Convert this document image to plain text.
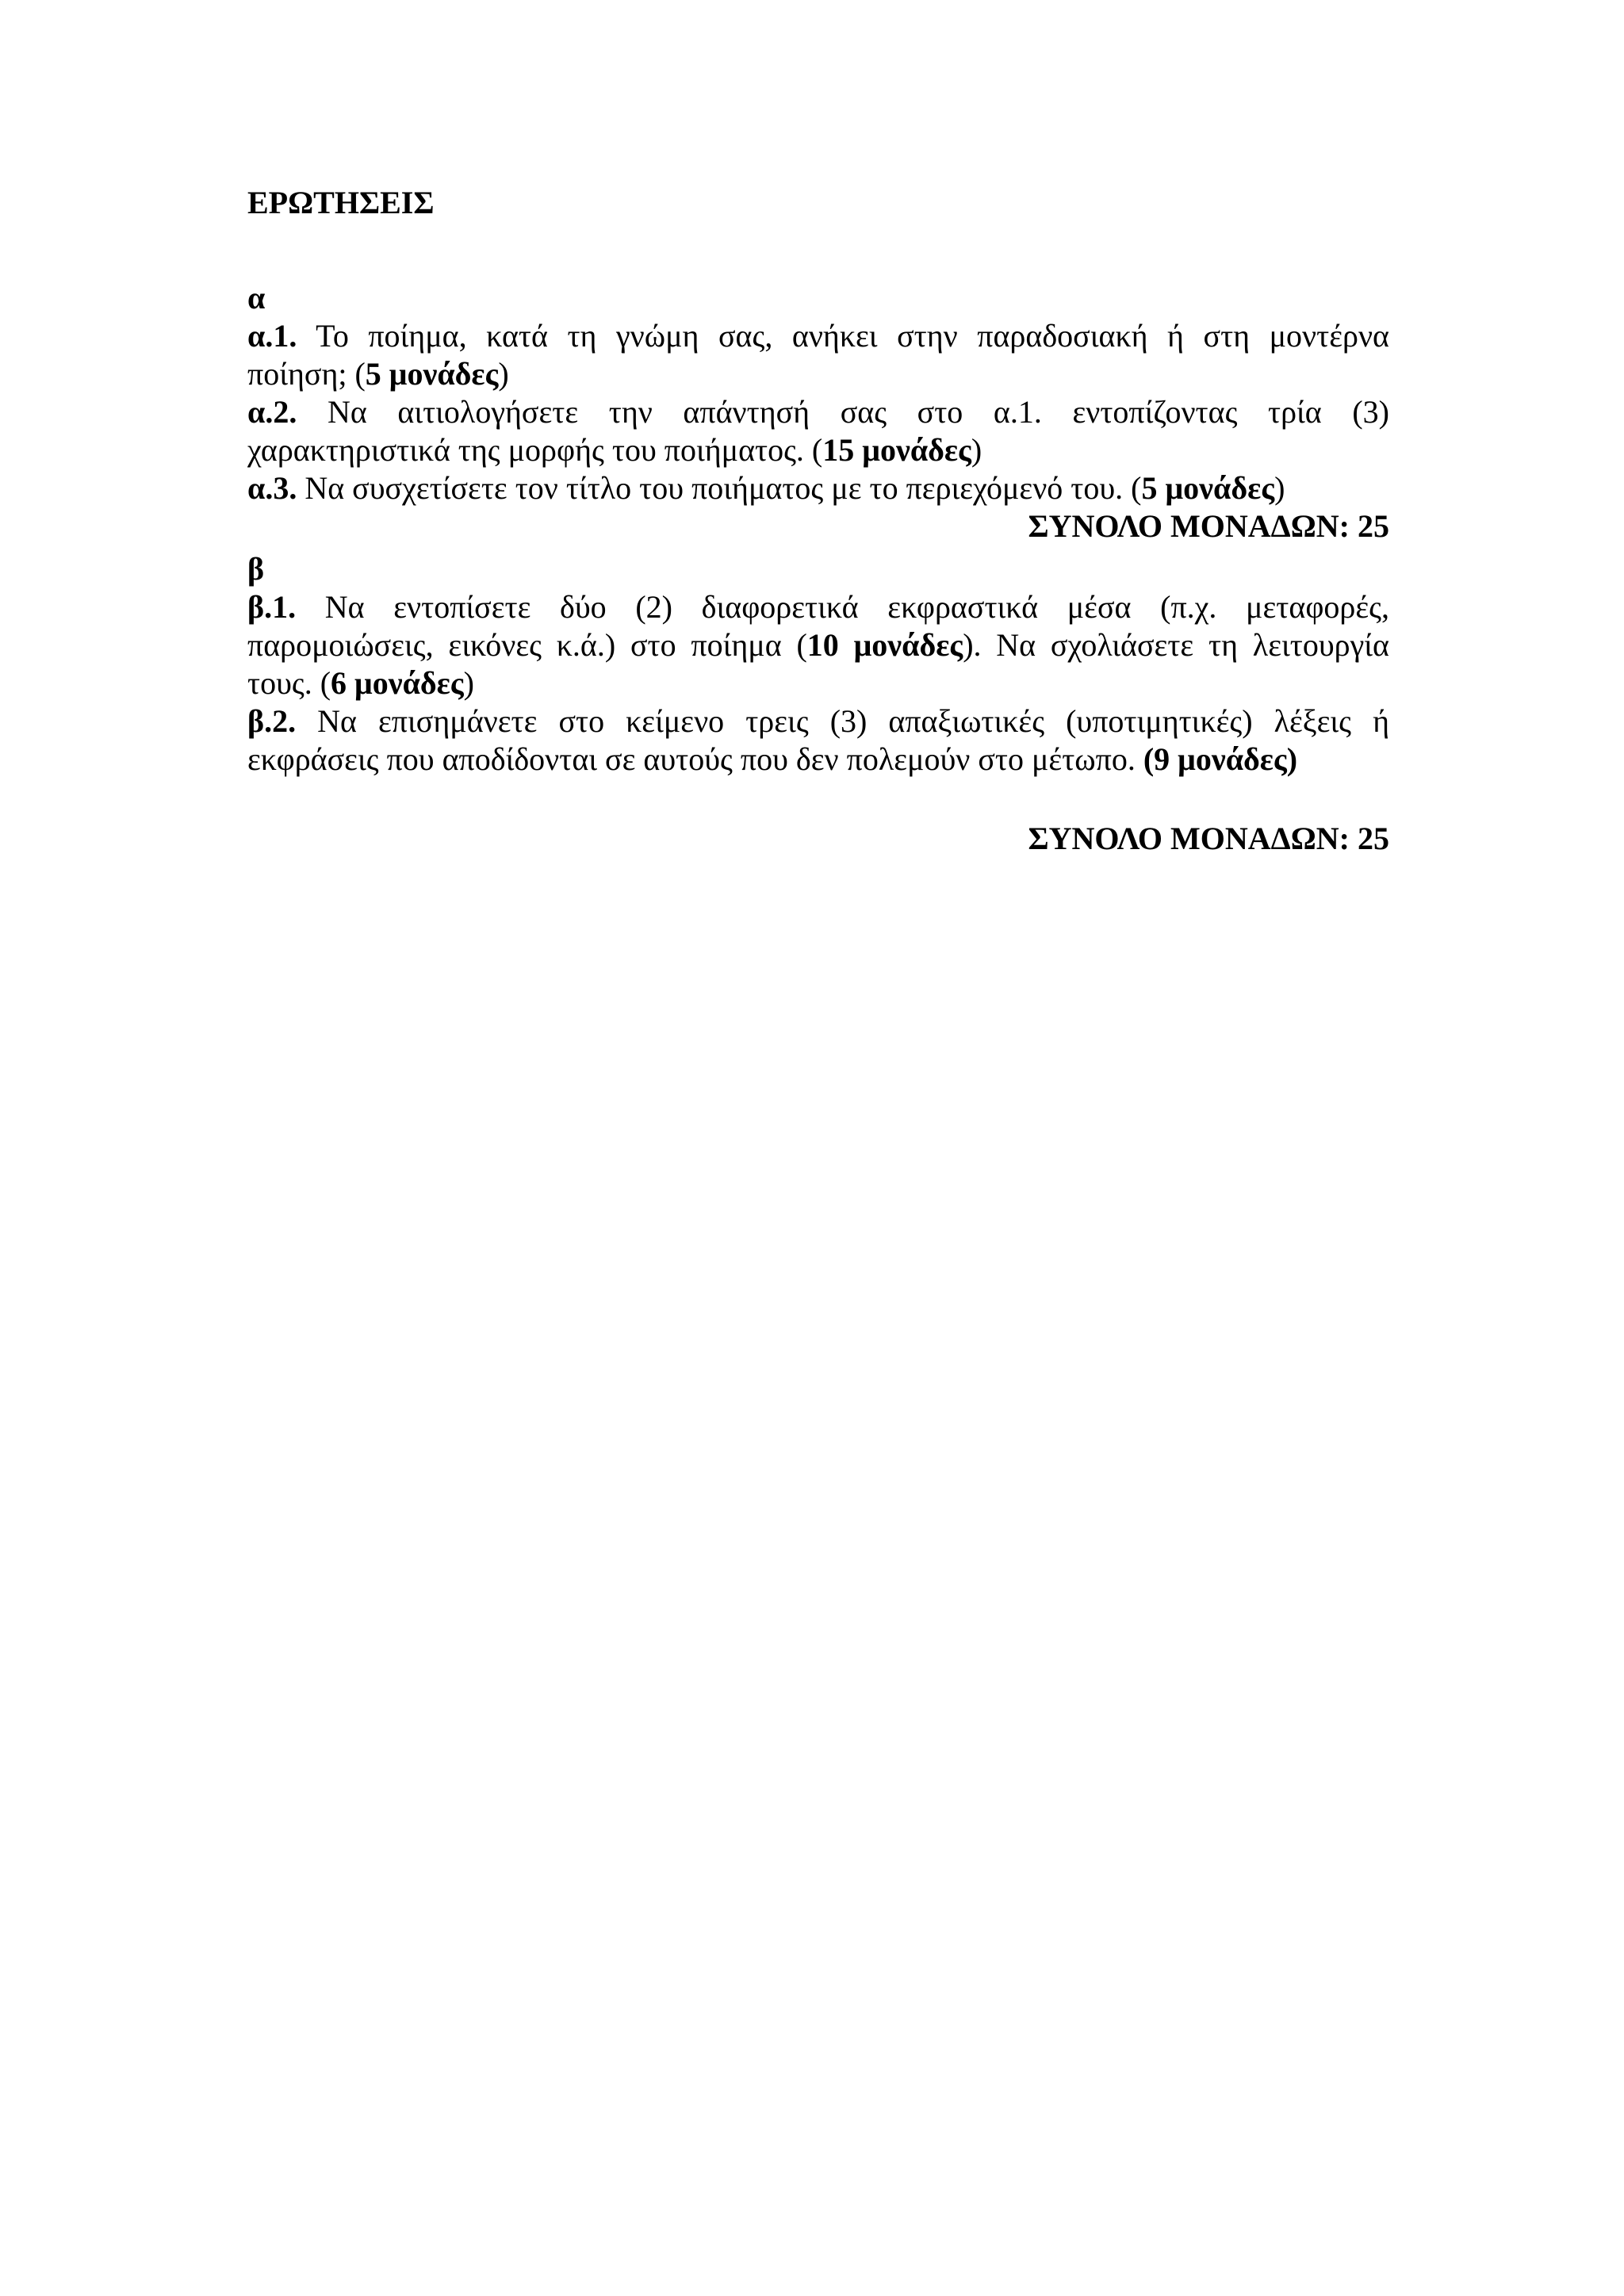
ΕΡΩΤΗΣΕΙΣ

α

α.1. Το ποίημα, κατά τη γνώμη σας, ανήκει στην παραδοσιακή ή στη μοντέρνα

ποίηση; (5 μονάδες)

α.2. Να αιτιολογήσετε την απάντησή σας στο α.1. εντοπίζοντας τρία (3)

χαρακτηριστικά της μορφής του ποιήματος. (15 μονάδες)

α.3. Να συσχετίσετε τον τίτλο του ποιήματος με το περιεχόμενό του. (5 μονάδες)

ΣΥΝΟΛΟ ΜΟΝΑΔΩΝ: 25

β

β.1. Να εντοπίσετε δύο (2) διαφορετικά εκφραστικά μέσα (π.χ. μεταφορές,

παρομοιώσεις, εικόνες κ.ά.) στο ποίημα (10 μονάδες). Να σχολιάσετε τη λειτουργία

τους. (6 μονάδες)

β.2. Να επισημάνετε στο κείμενο τρεις (3) απαξιωτικές (υποτιμητικές) λέξεις ή

εκφράσεις που αποδίδονται σε αυτούς που δεν πολεμούν στο μέτωπο. (9 μονάδες)

ΣΥΝΟΛΟ ΜΟΝΑΔΩΝ: 25
